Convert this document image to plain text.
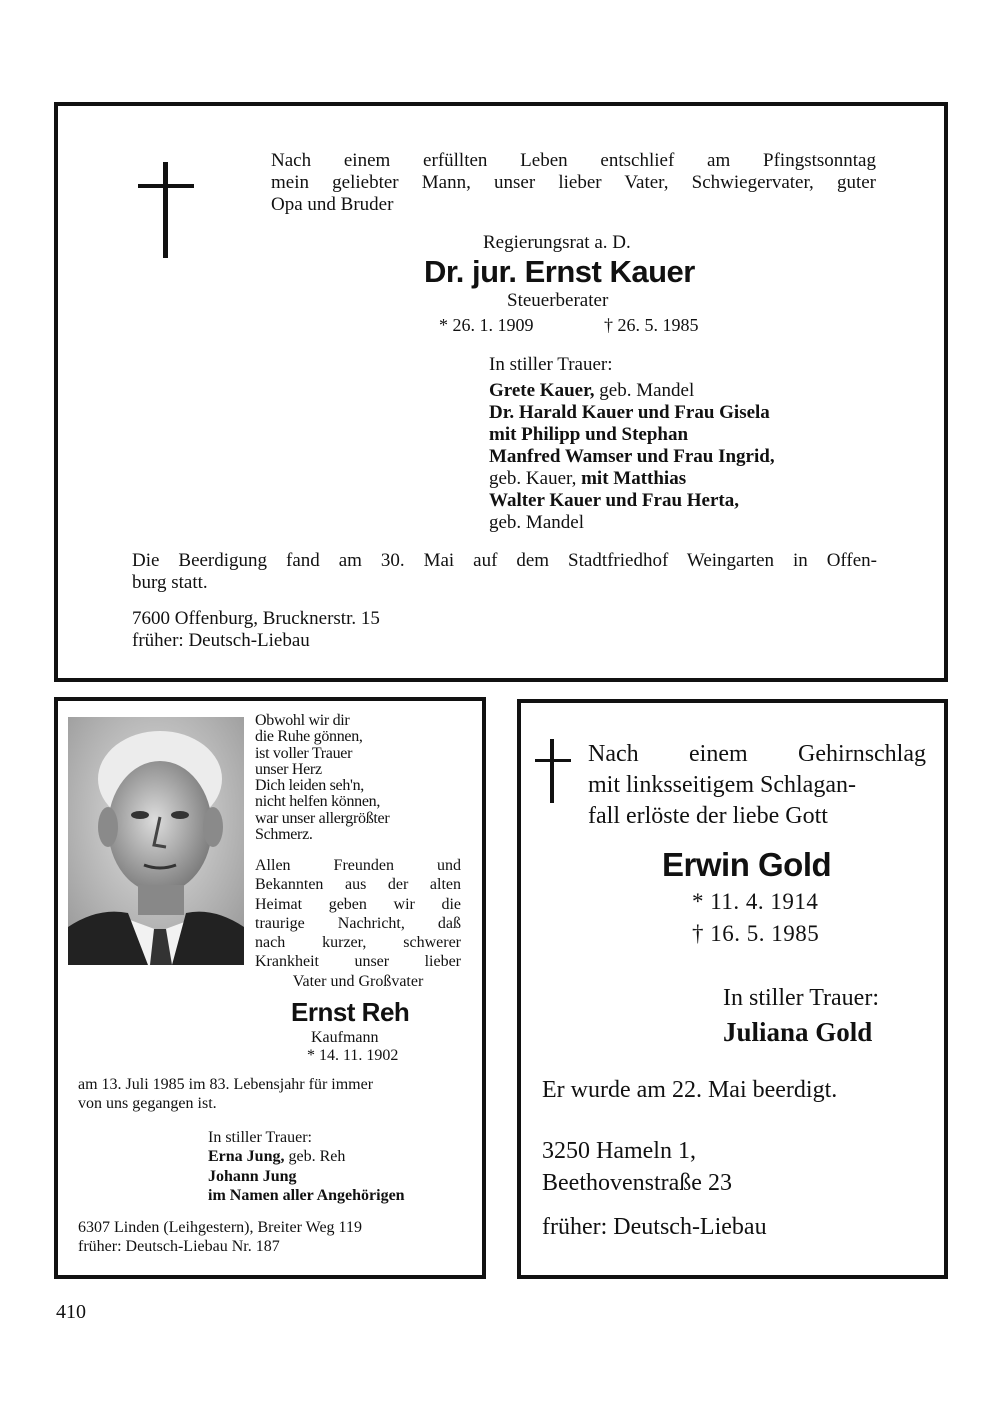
Nach einem erfüllten Leben entschlief am Pfingstsonntag
mein geliebter Mann, unser lieber Vater, Schwiegervater, guter
Opa und Bruder
Regierungsrat a. D.
Dr. jur. Ernst Kauer
Steuerberater
* 26. 1. 1909	† 26. 5. 1985
In stiller Trauer:
Grete Kauer, geb. Mandel
Dr. Harald Kauer und Frau Gisela
mit Philipp und Stephan
Manfred Wamser und Frau Ingrid,
geb. Kauer, mit Matthias
Walter Kauer und Frau Herta,
geb. Mandel
Die Beerdigung fand am 30. Mai auf dem Stadtfriedhof Weingarten in Offen-
burg statt.
7600 Offenburg, Brucknerstr. 15
früher: Deutsch-Liebau
Obwohl wir dir
die Ruhe gönnen,
ist voller Trauer
unser Herz
Dich leiden seh'n,
nicht helfen können,
war unser allergrößter
Schmerz.
Allen Freunden und
Bekannten aus der alten
Heimat geben wir die
traurige Nachricht, daß
nach kurzer, schwerer
Krankheit unser lieber
Vater und Großvater
Ernst Reh
Kaufmann
* 14. 11. 1902
am 13. Juli 1985 im 83. Lebensjahr für immer
von uns gegangen ist.
In stiller Trauer:
Erna Jung, geb. Reh
Johann Jung
im Namen aller Angehörigen
6307 Linden (Leihgestern), Breiter Weg 119
früher: Deutsch-Liebau Nr. 187
Nach einem Gehirnschlag
mit linksseitigem Schlagan-
fall erlöste der liebe Gott
Erwin Gold
* 11. 4. 1914
† 16. 5. 1985
In stiller Trauer:
Juliana Gold
Er wurde am 22. Mai beerdigt.
3250 Hameln 1,
Beethovenstraße 23
früher: Deutsch-Liebau
410
